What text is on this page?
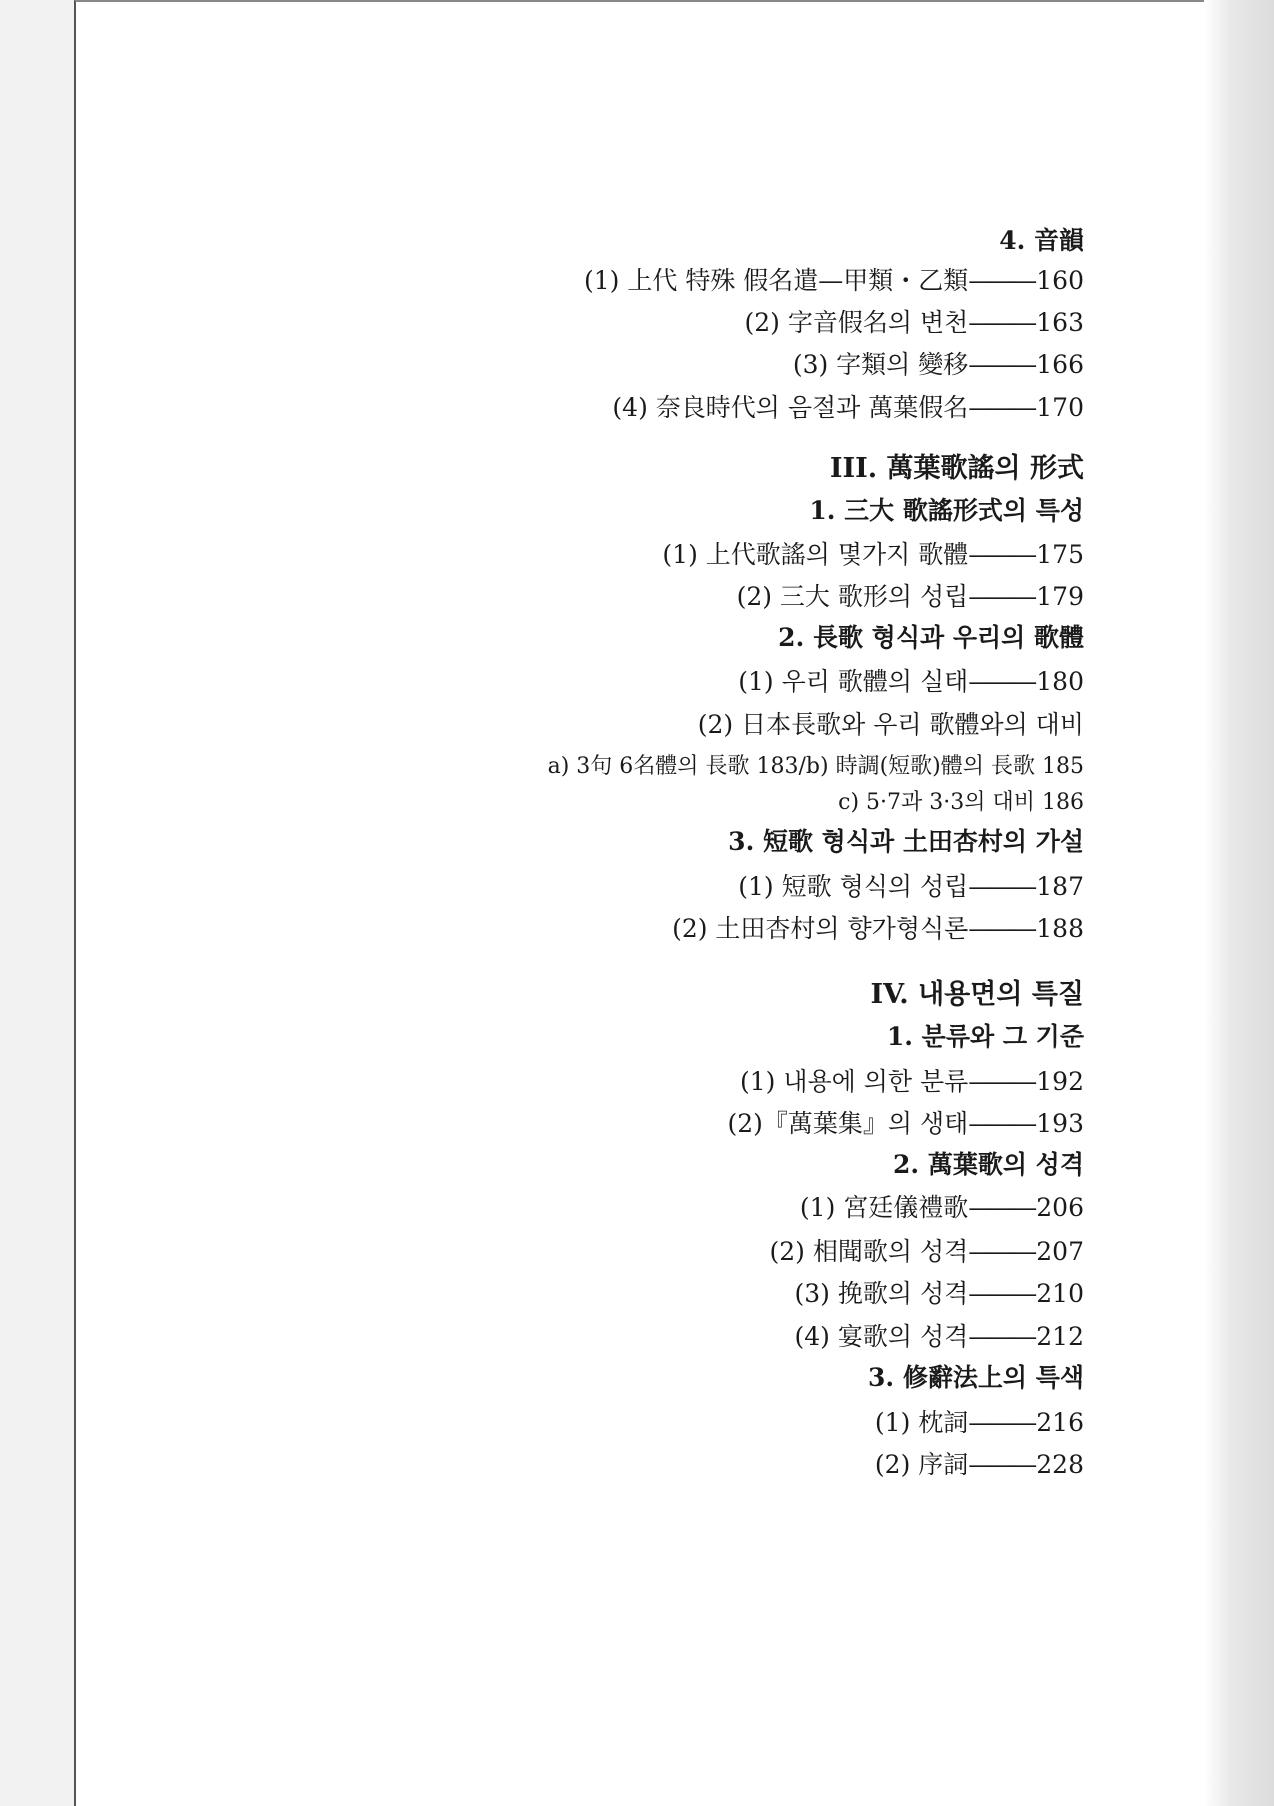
4. 音韻
(1) 上代 特殊 假名遣—甲類・乙類———160
(2) 字音假名의 변천———163
(3) 字類의 變移———166
(4) 奈良時代의 음절과 萬葉假名———170
III. 萬葉歌謠의 形式
1. 三大 歌謠形式의 특성
(1) 上代歌謠의 몇가지 歌體———175
(2) 三大 歌形의 성립———179
2. 長歌 형식과 우리의 歌體
(1) 우리 歌體의 실태———180
(2) 日本長歌와 우리 歌體와의 대비
a) 3句 6名體의 長歌 183/b) 時調(短歌)體의 長歌 185
c) 5·7과 3·3의 대비 186
3. 短歌 형식과 土田杏村의 가설
(1) 短歌 형식의 성립———187
(2) 土田杏村의 향가형식론———188
IV. 내용면의 특질
1. 분류와 그 기준
(1) 내용에 의한 분류———192
(2)『萬葉集』의 생태———193
2. 萬葉歌의 성격
(1) 宮廷儀禮歌———206
(2) 相聞歌의 성격———207
(3) 挽歌의 성격———210
(4) 宴歌의 성격———212
3. 修辭法上의 특색
(1) 枕詞———216
(2) 序詞———228
